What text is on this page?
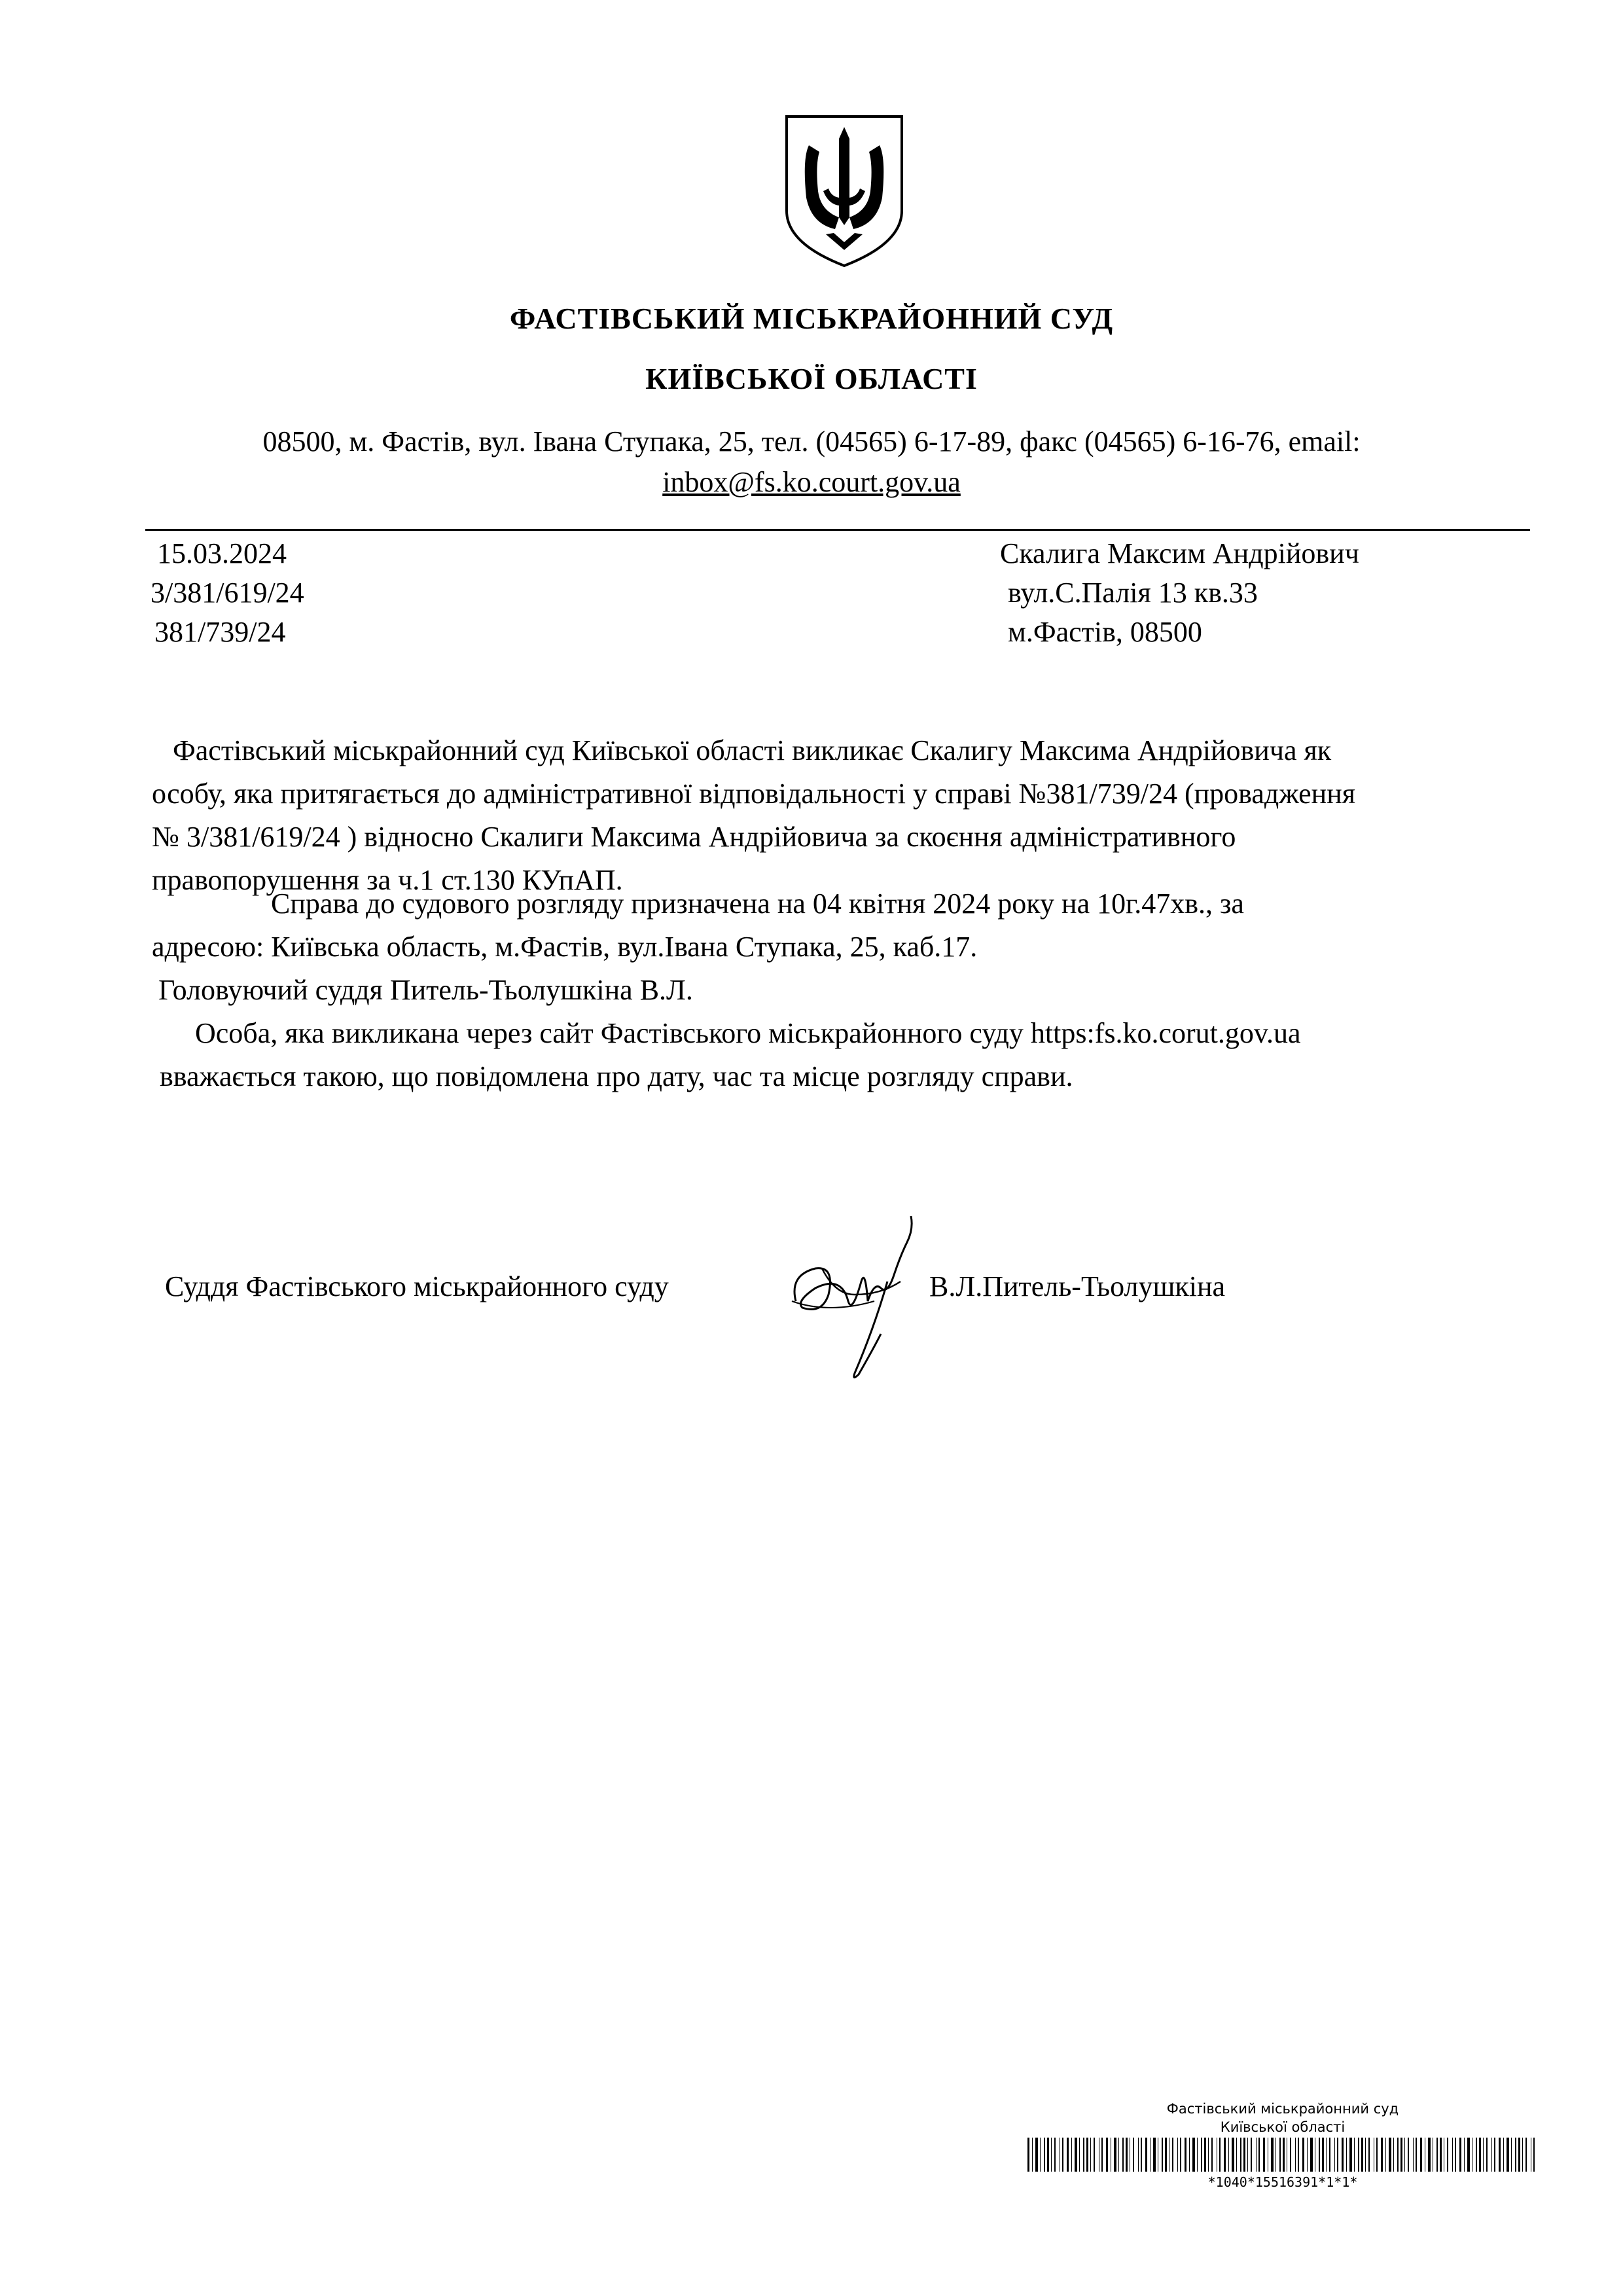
ФАСТІВСЬКИЙ МІСЬКРАЙОННИЙ СУД
КИЇВСЬКОЇ ОБЛАСТІ
08500, м. Фастів, вул. Івана Ступака, 25, тел. (04565) 6-17-89, факс (04565) 6-16-76, email:
inbox@fs.ko.court.gov.ua
15.03.2024
3/381/619/24
381/739/24
Скалига Максим Андрійович
вул.С.Палія 13 кв.33
м.Фастів, 08500
Фастівський міськрайонний суд Київської області викликає Скалигу Максима Андрійовича як
особу, яка притягається до адміністративної відповідальності у справі №381/739/24 (провадження
№ 3/381/619/24 ) відносно Скалиги Максима Андрійовича за скоєння адміністративного
правопорушення за ч.1 ст.130 КУпАП.
Справа до судового розгляду призначена на 04 квітня 2024 року на 10г.47хв., за
адресою: Київська область, м.Фастів, вул.Івана Ступака, 25, каб.17.
Головуючий суддя Питель-Тьолушкіна В.Л.
Особа, яка викликана через сайт Фастівського міськрайонного суду https:fs.ko.corut.gov.ua
вважається такою, що повідомлена про дату, час та місце розгляду справи.
Суддя Фастівського міськрайонного суду	В.Л.Питель-Тьолушкіна
Фастівський міськрайонний суд
Київської області
*1040*15516391*1*1*
